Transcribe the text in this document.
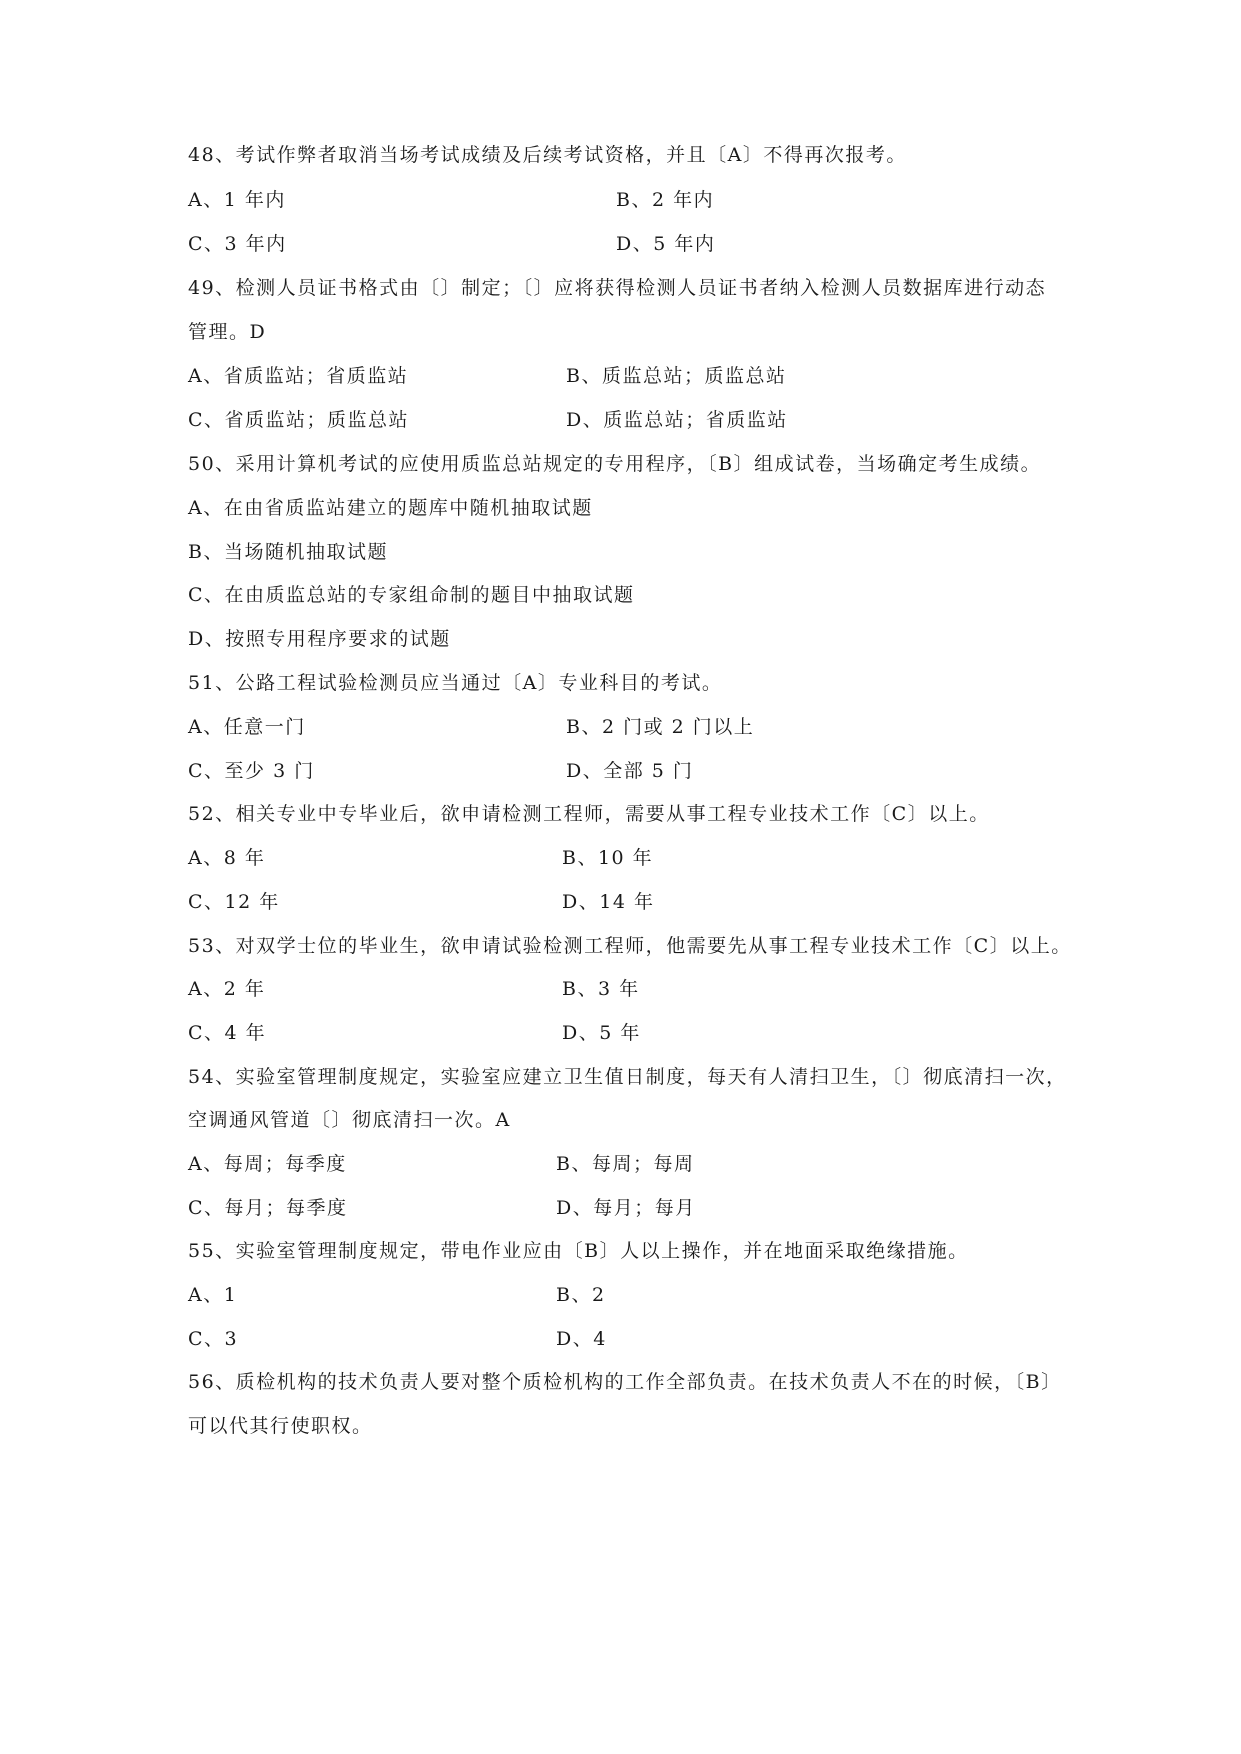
48、考试作弊者取消当场考试成绩及后续考试资格，并且〔A〕不得再次报考。
A、1 年内	B、2 年内
C、3 年内	D、5 年内
49、检测人员证书格式由〔〕制定；〔〕应将获得检测人员证书者纳入检测人员数据库进行动态
管理。D
A、省质监站；省质监站	B、质监总站；质监总站
C、省质监站；质监总站	D、质监总站；省质监站
50、采用计算机考试的应使用质监总站规定的专用程序，〔B〕组成试卷，当场确定考生成绩。
A、在由省质监站建立的题库中随机抽取试题
B、当场随机抽取试题
C、在由质监总站的专家组命制的题目中抽取试题
D、按照专用程序要求的试题
51、公路工程试验检测员应当通过〔A〕专业科目的考试。
A、任意一门	B、2 门或 2 门以上
C、至少 3 门	D、全部 5 门
52、相关专业中专毕业后，欲申请检测工程师，需要从事工程专业技术工作〔C〕以上。
A、8 年	B、10 年
C、12 年	D、14 年
53、对双学士位的毕业生，欲申请试验检测工程师，他需要先从事工程专业技术工作〔C〕以上。
A、2 年	B、3 年
C、4 年	D、5 年
54、实验室管理制度规定，实验室应建立卫生值日制度，每天有人清扫卫生，〔〕彻底清扫一次，
空调通风管道〔〕彻底清扫一次。A
A、每周；每季度	B、每周；每周
C、每月；每季度	D、每月；每月
55、实验室管理制度规定，带电作业应由〔B〕人以上操作，并在地面采取绝缘措施。
A、1	B、2
C、3	D、4
56、质检机构的技术负责人要对整个质检机构的工作全部负责。在技术负责人不在的时候，〔B〕
可以代其行使职权。
